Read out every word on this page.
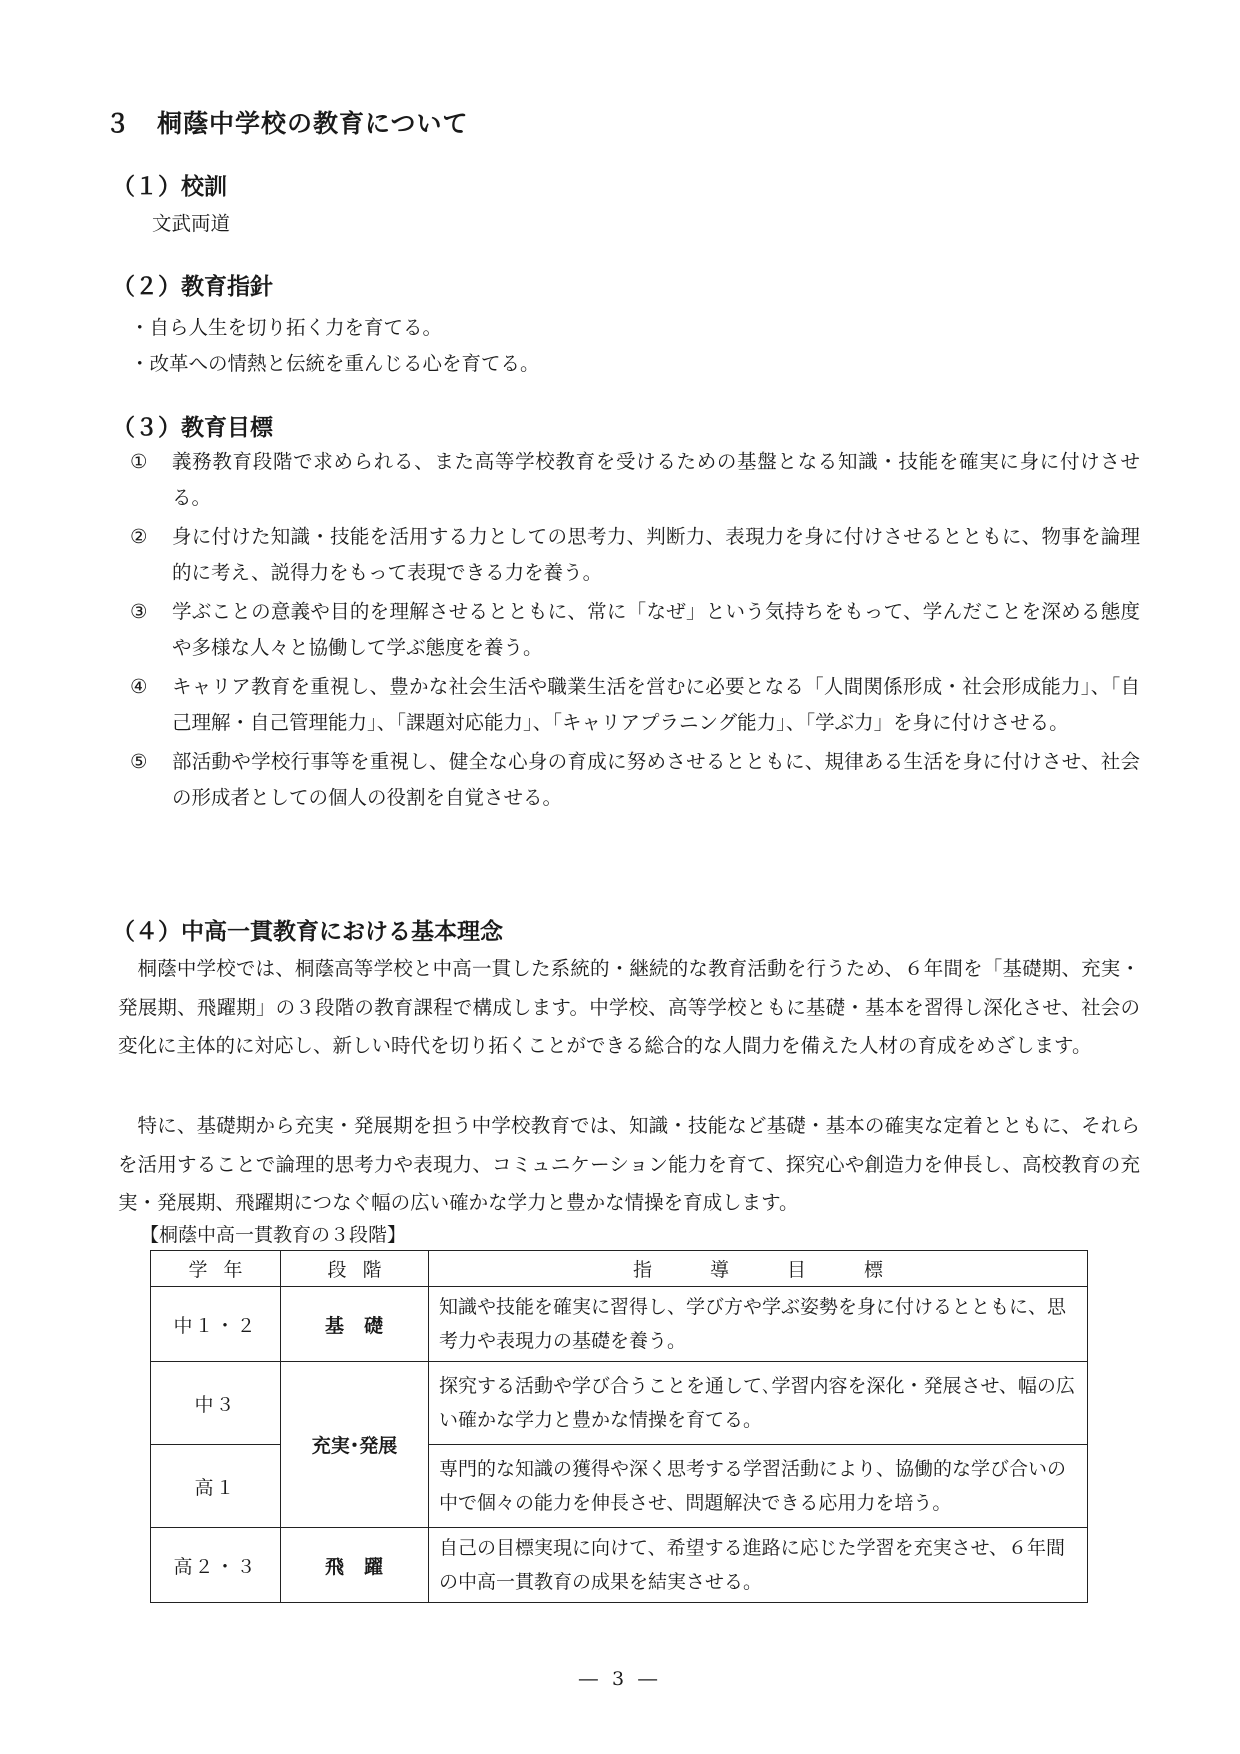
３　桐蔭中学校の教育について
（１）校訓
文武両道
（２）教育指針
・自ら人生を切り拓く力を育てる。
・改革への情熱と伝統を重んじる心を育てる。
（３）教育目標
①	義務教育段階で求められる、また高等学校教育を受けるための基盤となる知識・技能を確実に身に付けさせる。
②	身に付けた知識・技能を活用する力としての思考力、判断力、表現力を身に付けさせるとともに、物事を論理的に考え、説得力をもって表現できる力を養う。
③	学ぶことの意義や目的を理解させるとともに、常に「なぜ」という気持ちをもって、学んだことを深める態度や多様な人々と協働して学ぶ態度を養う。
④	キャリア教育を重視し、豊かな社会生活や職業生活を営むに必要となる「人間関係形成・社会形成能力」、「自己理解・自己管理能力」、「課題対応能力」、「キャリアプラニング能力」、「学ぶ力」を身に付けさせる。
⑤	部活動や学校行事等を重視し、健全な心身の育成に努めさせるとともに、規律ある生活を身に付けさせ、社会の形成者としての個人の役割を自覚させる。
（４）中高一貫教育における基本理念

桐蔭中学校では、桐蔭高等学校と中高一貫した系統的・継続的な教育活動を行うため、６年間を「基礎期、充実・発展期、飛躍期」の３段階の教育課程で構成します。中学校、高等学校ともに基礎・基本を習得し深化させ、社会の変化に主体的に対応し、新しい時代を切り拓くことができる総合的な人間力を備えた人材の育成をめざします。

特に、基礎期から充実・発展期を担う中学校教育では、知識・技能など基礎・基本の確実な定着とともに、それらを活用することで論理的思考力や表現力、コミュニケーション能力を育て、探究心や創造力を伸長し、高校教育の充実・発展期、飛躍期につなぐ幅の広い確かな学力と豊かな情操を育成します。

【桐蔭中高一貫教育の３段階】
学年	段階	指導目標
中１・２	基礎	知識や技能を確実に習得し、学び方や学ぶ姿勢を身に付けるとともに、思考力や表現力の基礎を養う。
中３	充実･発展	探究する活動や学び合うことを通して､学習内容を深化・発展させ、幅の広い確かな学力と豊かな情操を育てる。
高１		専門的な知識の獲得や深く思考する学習活動により、協働的な学び合いの中で個々の能力を伸長させ、問題解決できる応用力を培う。
高２・３	飛躍	自己の目標実現に向けて、希望する進路に応じた学習を充実させ、６年間の中高一貫教育の成果を結実させる。
― 3 ―
